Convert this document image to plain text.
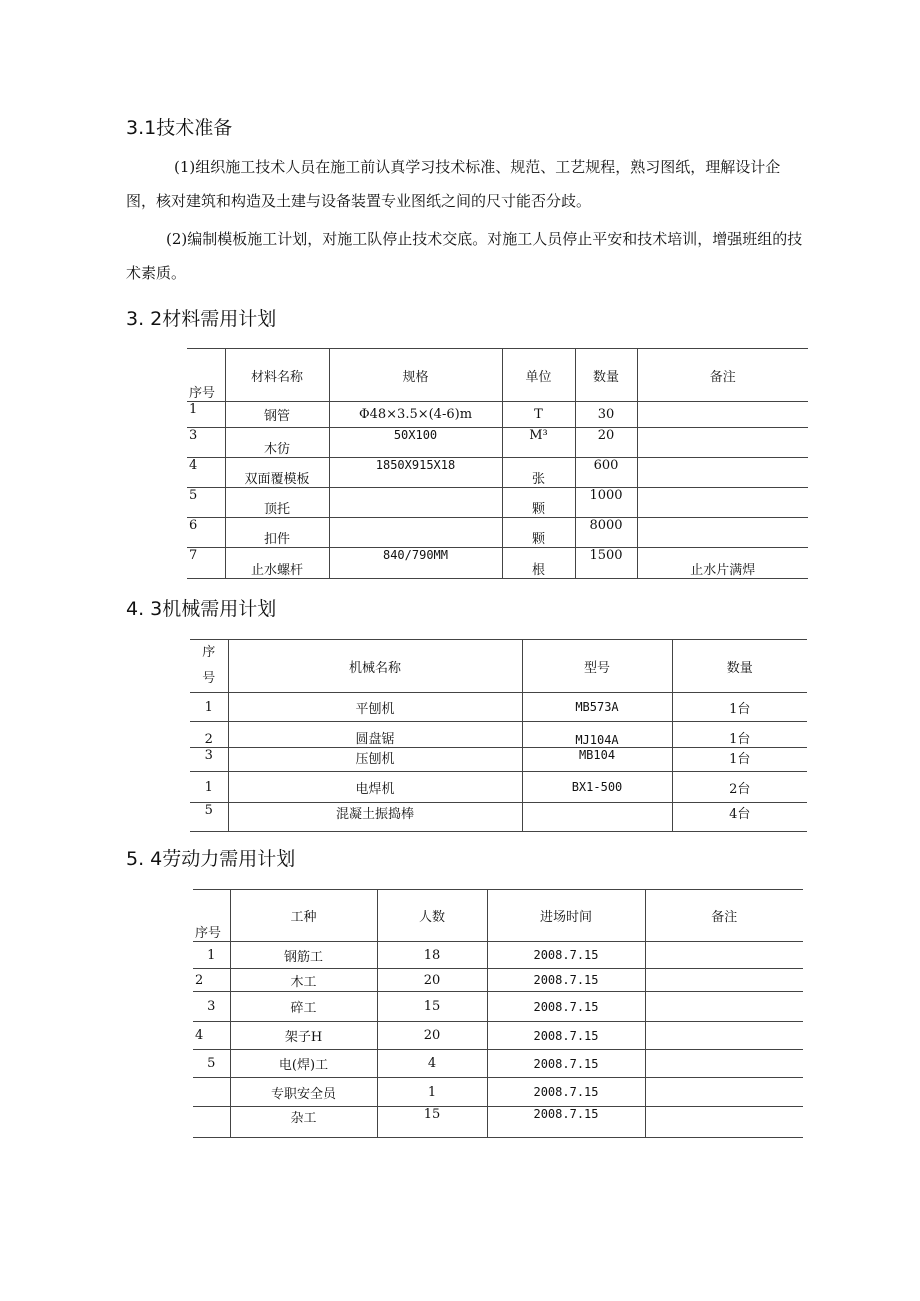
3.1技术准备
(1)组织施工技术人员在施工前认真学习技术标准、规范、工艺规程，熟习图纸，理解设计企图，核对建筑和构造及土建与设备装置专业图纸之间的尺寸能否分歧。
(2)编制模板施工计划，对施工队停止技术交底。对施工人员停止平安和技术培训，增强班组的技术素质。
3. 2材料需用计划
序号	材料名称	规格	单位	数量	备注
1	钢管	Φ48×3.5×(4-6)m	T	30	
3	木彷	50X100	M³	20	
4	双面覆模板	1850X915X18	张	600	
5	顶托		颗	1000	
6	扣件		颗	8000	
7	止水螺杆	840/790MM	根	1500	止水片满焊
4. 3机械需用计划
序
号	机械名称	型号	数量
1	平刨机	MB573A	1台
2	圆盘锯	MJ104A	1台
3	压刨机	MB104	1台
1	电焊机	BX1-500	2台
5	混凝土振捣棒		4台
5. 4劳动力需用计划
序号	工种	人数	进场时间	备注
1	钢筋工	18	2008.7.15	
2	木工	20	2008.7.15	
3	碎工	15	2008.7.15	
4	架子H	20	2008.7.15	
5	电(焊)工	4	2008.7.15	
	专职安全员	1	2008.7.15	
	杂工	15	2008.7.15	
